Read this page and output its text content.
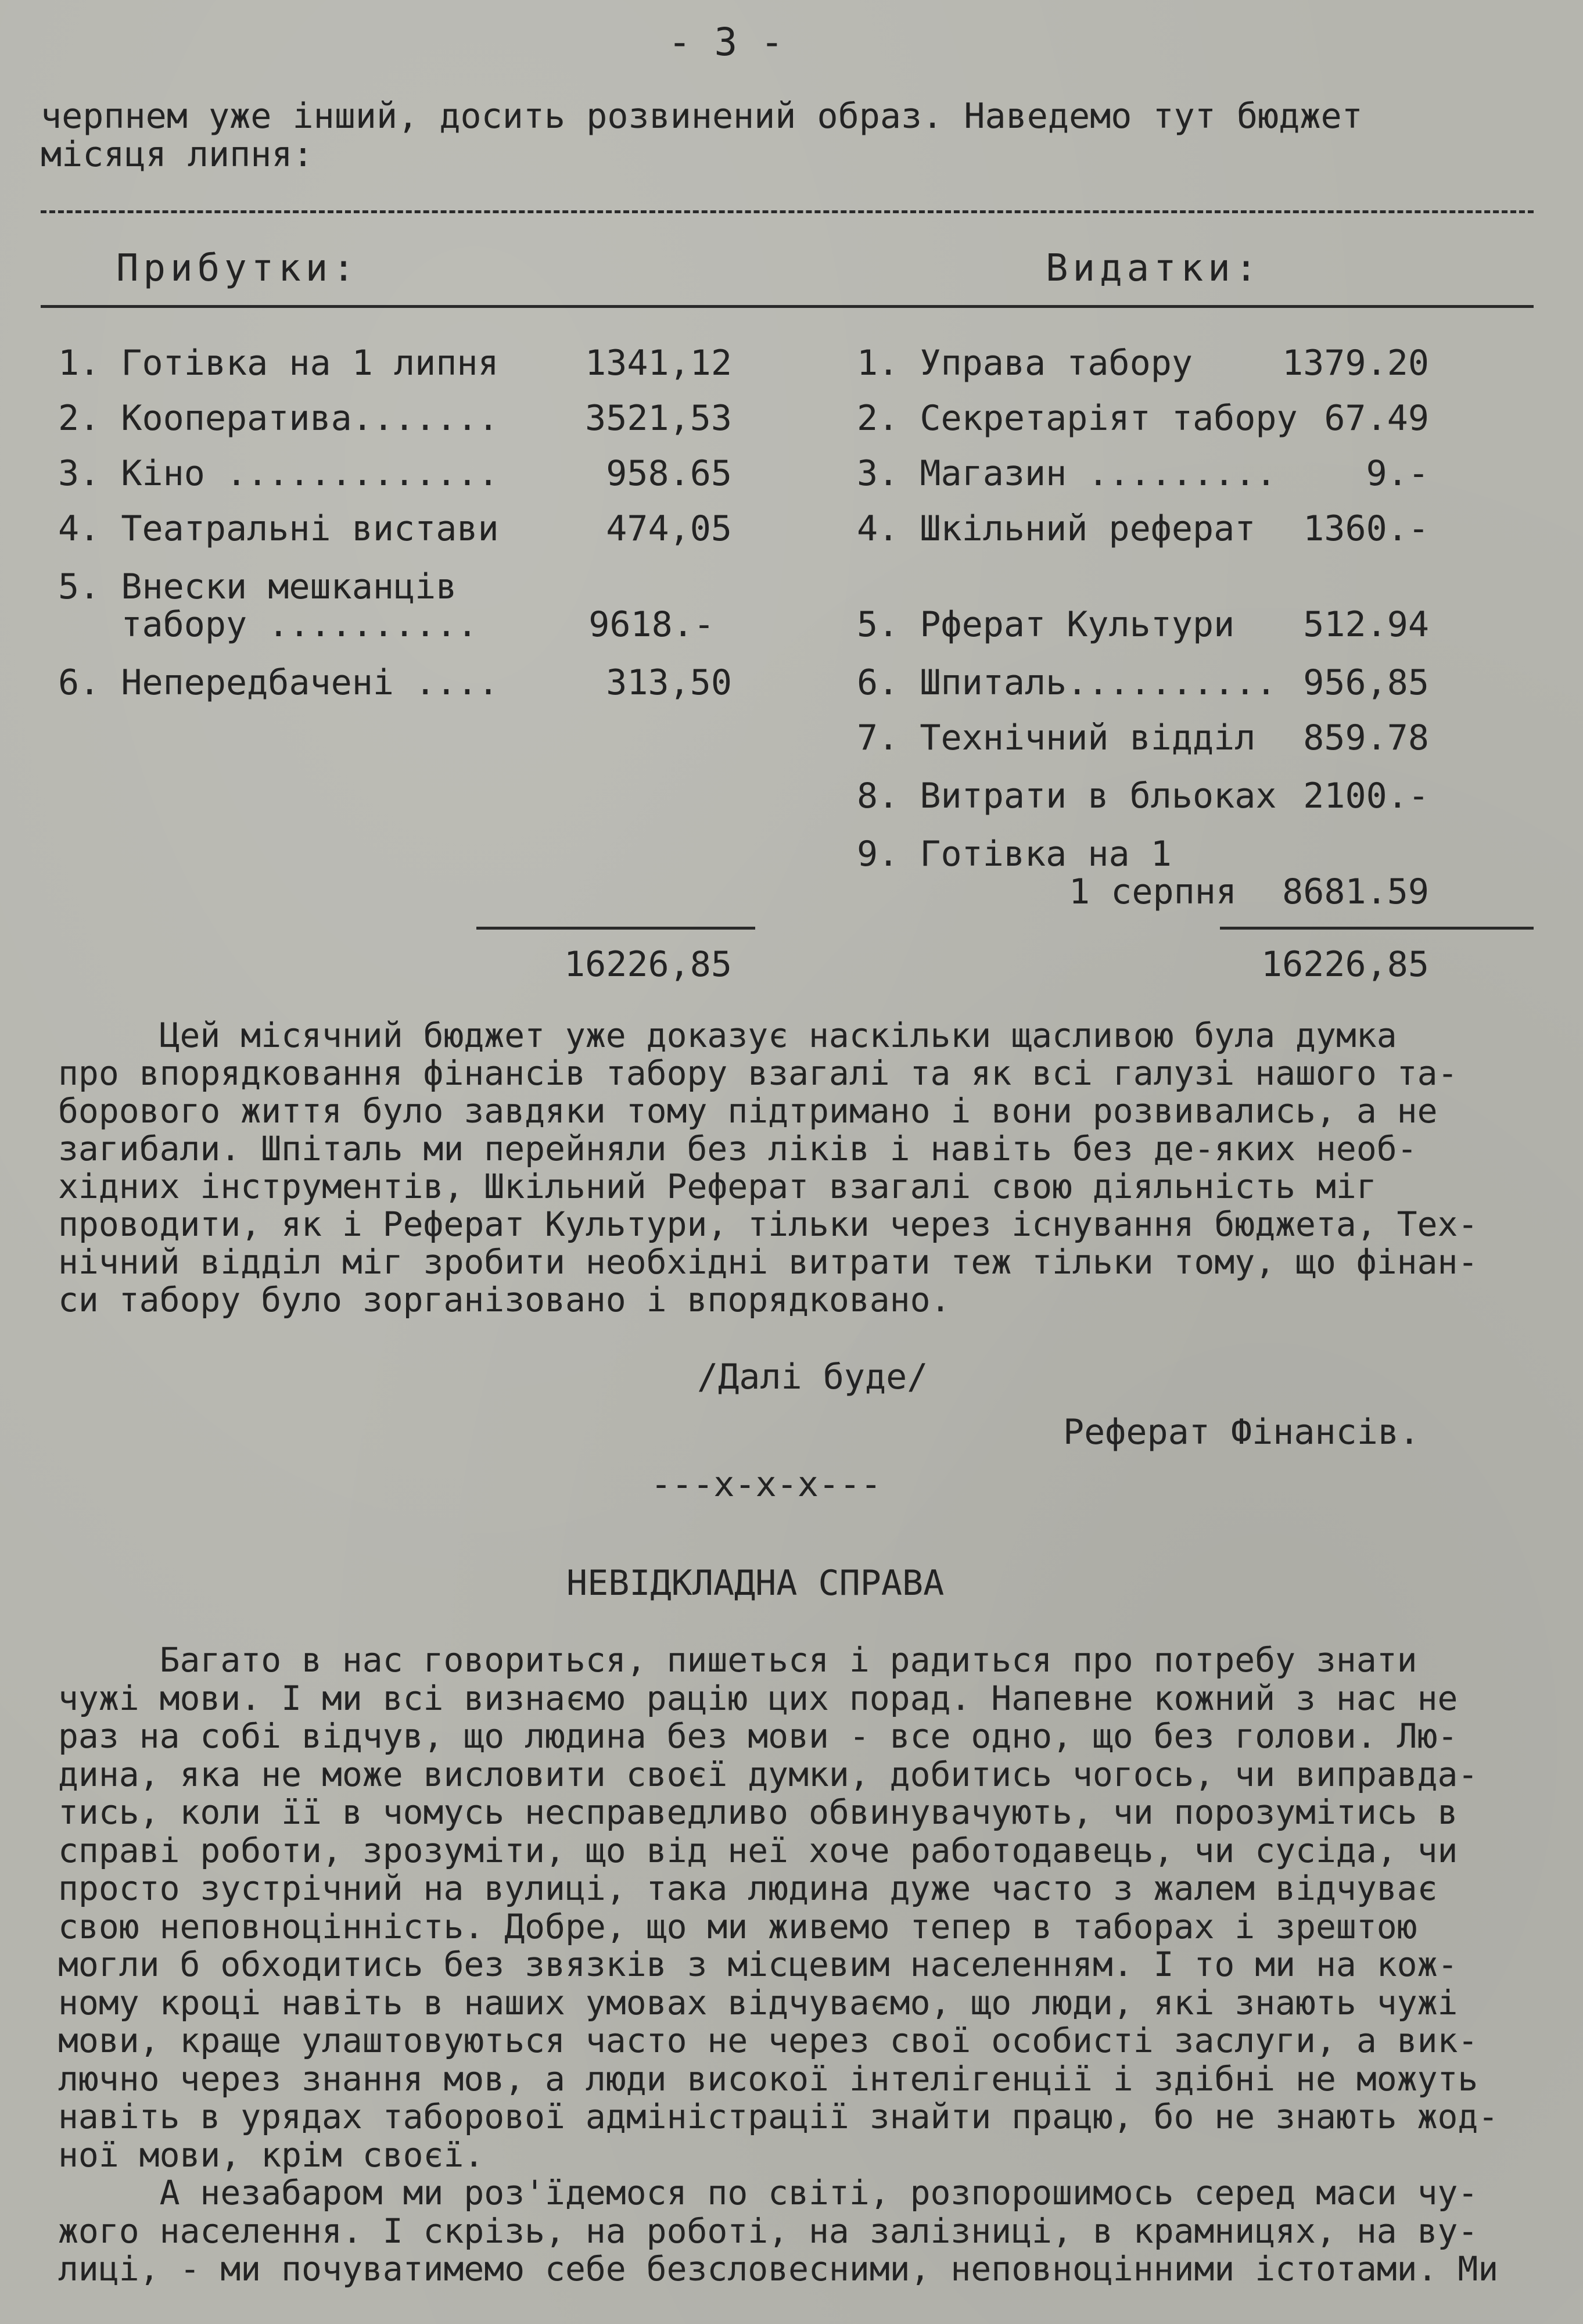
- 3 -
черпнем уже інший, досить розвинений образ. Наведемо тут бюджет
місяця липня:
Прибутки:	Видатки:
1. Готівка на 1 липня	1341,12
2. Кооператива.......	3521,53
3. Кіно .............	958.65
4. Театральні вистави	474,05
5. Внески мешканців
табору ..........	9618.-
6. Непередбачені ....	313,50
1. Управа табору	1379.20
2. Секретаріят табору 67.49
3. Магазин .........	9.-
4. Шкільний реферат	1360.-
5. Рферат Культури	512.94
6. Шпиталь.......... 956,85
7. Технічний відділ	859.78
8. Витрати в бльоках 2100.-
9. Готівка на 1
1 серпня	8681.59
16226,85	16226,85
Цей місячний бюджет уже доказує наскільки щасливою була думка
про впорядковання фінансів табору взагалі та як всі галузі нашого та-
борового життя було завдяки тому підтримано і вони розвивались, а не
загибали. Шпіталь ми перейняли без ліків і навіть без де-яких необ-
хідних інструментів, Шкільний Реферат взагалі свою діяльність міг
проводити, як і Реферат Культури, тільки через існування бюджета, Тех-
нічний відділ міг зробити необхідні витрати теж тільки тому, що фінан-
си табору було зорганізовано і впорядковано.
/Далі буде/
Реферат Фінансів.
---х-х-х---
НЕВІДКЛАДНА СПРАВА
Багато в нас говориться, пишеться і радиться про потребу знати
чужі мови. І ми всі визнаємо рацію цих порад. Напевне кожний з нас не
раз на собі відчув, що людина без мови - все одно, що без голови. Лю-
дина, яка не може висловити своєї думки, добитись чогось, чи виправда-
тись, коли її в чомусь несправедливо обвинувачують, чи порозумітись в
справі роботи, зрозуміти, що від неї хоче работодавець, чи сусіда, чи
просто зустрічний на вулиці, така людина дуже часто з жалем відчуває
свою неповноцінність. Добре, що ми живемо тепер в таборах і зрештою
могли б обходитись без звязків з місцевим населенням. І то ми на кож-
ному кроці навіть в наших умовах відчуваємо, що люди, які знають чужі
мови, краще улаштовуються часто не через свої особисті заслуги, а вик-
лючно через знання мов, а люди високої інтелігенції і здібні не можуть
навіть в урядах таборової адміністрації знайти працю, бо не знають жод-
ної мови, крім своєї.
А незабаром ми роз'їдемося по світі, розпорошимось серед маси чу-
жого населення. І скрізь, на роботі, на залізниці, в крамницях, на ву-
лиці, - ми почуватимемо себе безсловесними, неповноцінними істотами. Ми
